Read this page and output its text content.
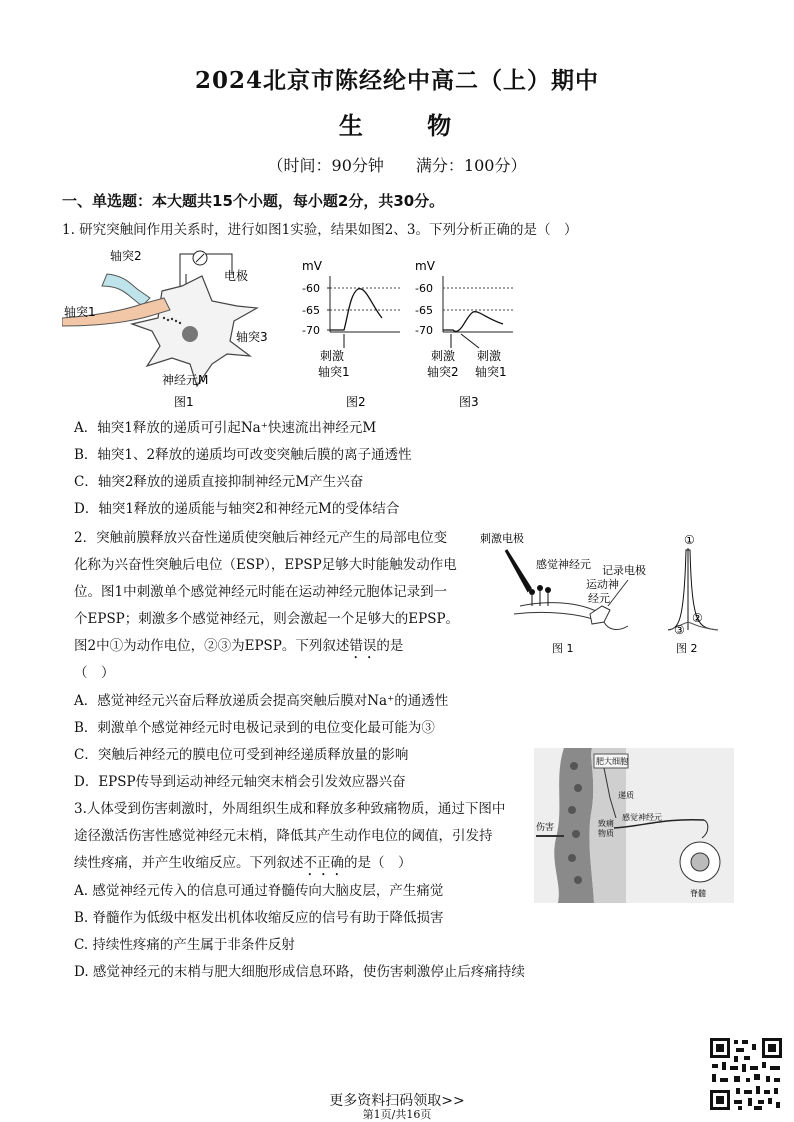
2024北京市陈经纶中高二（上）期中
生 物
（时间：90分钟　　满分：100分）
一、单选题：本大题共15个小题，每小题2分，共30分。
1. 研究突触间作用关系时，进行如图1实验，结果如图2、3。下列分析正确的是（　）
轴突2
轴突1
轴突3
电极
神经元M
图1
mV
-60
-65
-70
刺激
轴突1
图2
mV
-60
-65
-70
刺激
轴突2
刺激
轴突1
图3
A．轴突1释放的递质可引起Na⁺快速流出神经元M
B．轴突1、2释放的递质均可改变突触后膜的离子通透性
C．轴突2释放的递质直接抑制神经元M产生兴奋
D．轴突1释放的递质能与轴突2和神经元M的受体结合
2．突触前膜释放兴奋性递质使突触后神经元产生的局部电位变
化称为兴奋性突触后电位（ESP），EPSP足够大时能触发动作电
位。图1中刺激单个感觉神经元时能在运动神经元胞体记录到一
个EPSP；刺激多个感觉神经元，则会激起一个足够大的EPSP。
图2中①为动作电位，②③为EPSP。下列叙述错误的是
（　）
刺激电极
感觉神经元
运动神
经元
记录电极
图 1
①
②
③
图 2
A．感觉神经元兴奋后释放递质会提高突触后膜对Na⁺的通透性
B．刺激单个感觉神经元时电极记录到的电位变化最可能为③
C．突触后神经元的膜电位可受到神经递质释放量的影响
D．EPSP传导到运动神经元轴突末梢会引发效应器兴奋
3.人体受到伤害刺激时，外周组织生成和释放多种致痛物质，通过下图中
途径激活伤害性感觉神经元末梢，降低其产生动作电位的阈值，引发持
续性疼痛，并产生收缩反应。下列叙述不正确的是（　）
肥大细胞
递质
伤害	致痛
物质
感觉神经元
脊髓
A. 感觉神经元传入的信息可通过脊髓传向大脑皮层，产生痛觉
B. 脊髓作为低级中枢发出机体收缩反应的信号有助于降低损害
C. 持续性疼痛的产生属于非条件反射
D. 感觉神经元的末梢与肥大细胞形成信息环路，使伤害刺激停止后疼痛持续
更多资料扫码领取>>
第1页/共16页
